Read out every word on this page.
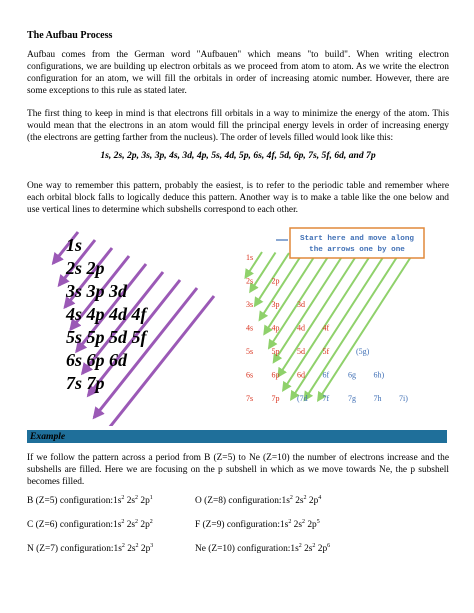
The Aufbau Process

Aufbau comes from the German word "Aufbauen" which means "to build". When writing electron configurations, we are building up electron orbitals as we proceed from atom to atom. As we write the electron configuration for an atom, we will fill the orbitals in order of increasing atomic number. However, there are some exceptions to this rule as stated later.

The first thing to keep in mind is that electrons fill orbitals in a way to minimize the energy of the atom. This would mean that the electrons in an atom would fill the principal energy levels in order of increasing energy (the electrons are getting farther from the nucleus). The order of levels filled would look like this:

1s, 2s, 2p, 3s, 3p, 4s, 3d, 4p, 5s, 4d, 5p, 6s, 4f, 5d, 6p, 7s, 5f, 6d, and 7p

One way to remember this pattern, probably the easiest, is to refer to the periodic table and remember where each orbital block falls to logically deduce this pattern. Another way is to make a table like the one below and use vertical lines to determine which subshells correspond to each other.

1s
2s 2p
3s 3p 3d
4s 4p 4d 4f
5s 5p 5d 5f
6s 6p 6d
7s 7p
1s
2s 2p
3s 3p 3d
4s 4p 4d 4f
5s 5p 5d 5f	(5g)
6s 6p 6d 6f 6g 6h)
7s 7p (7d 7f 7g 7h 7i)
Start here and move along
the arrows one by one
Example

If we follow the pattern across a period from B (Z=5) to Ne (Z=10) the number of electrons increase and the subshells are filled. Here we are focusing on the p subshell in which as we move towards Ne, the p subshell becomes filled.

B (Z=5) $configuration:1s^2$ $2s^2$ $2p^1$	O (Z=8) $configuration:1s^2$ $2s^2$ $2p^4$
C (Z=6) $configuration:1s^2$ $2s^2$ $2p^2$	F (Z=9) $configuration:1s^2$ $2s^2$ $2p^5$
N (Z=7) $configuration:1s^2$ $2s^2$ $2p^3$	Ne (Z=10) $configuration:1s^2$ $2s^2$ $2p^6$
